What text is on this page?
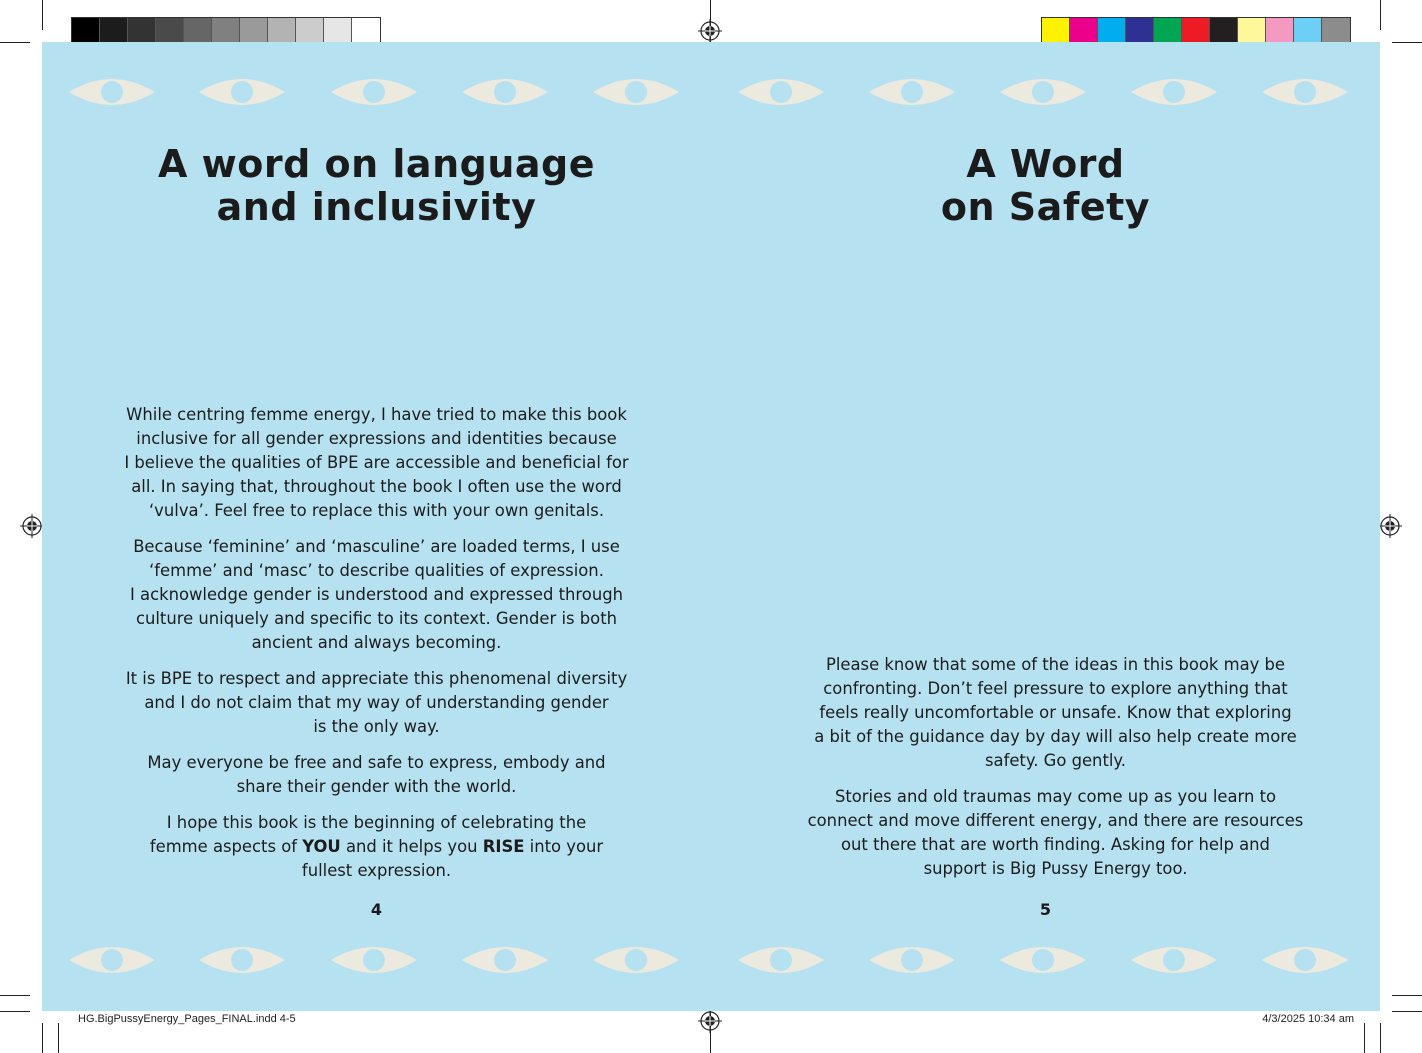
A word on language
and inclusivity

While centring femme energy, I have tried to make this book
inclusive for all gender expressions and identities because
I believe the qualities of BPE are accessible and beneficial for
all. In saying that, throughout the book I often use the word
‘vulva’. Feel free to replace this with your own genitals.

Because ‘feminine’ and ‘masculine’ are loaded terms, I use
‘femme’ and ‘masc’ to describe qualities of expression.
I acknowledge gender is understood and expressed through
culture uniquely and specific to its context. Gender is both
ancient and always becoming.

It is BPE to respect and appreciate this phenomenal diversity
and I do not claim that my way of understanding gender
is the only way.

May everyone be free and safe to express, embody and
share their gender with the world.

I hope this book is the beginning of celebrating the
femme aspects of YOU and it helps you RISE into your
fullest expression.

4
A Word
on Safety

Please know that some of the ideas in this book may be
confronting. Don’t feel pressure to explore anything that
feels really uncomfortable or unsafe. Know that exploring
a bit of the guidance day by day will also help create more
safety. Go gently.

Stories and old traumas may come up as you learn to
connect and move different energy, and there are resources
out there that are worth finding. Asking for help and
support is Big Pussy Energy too.

5
HG.BigPussyEnergy_Pages_FINAL.indd 4-5	4/3/2025 10:34 am
